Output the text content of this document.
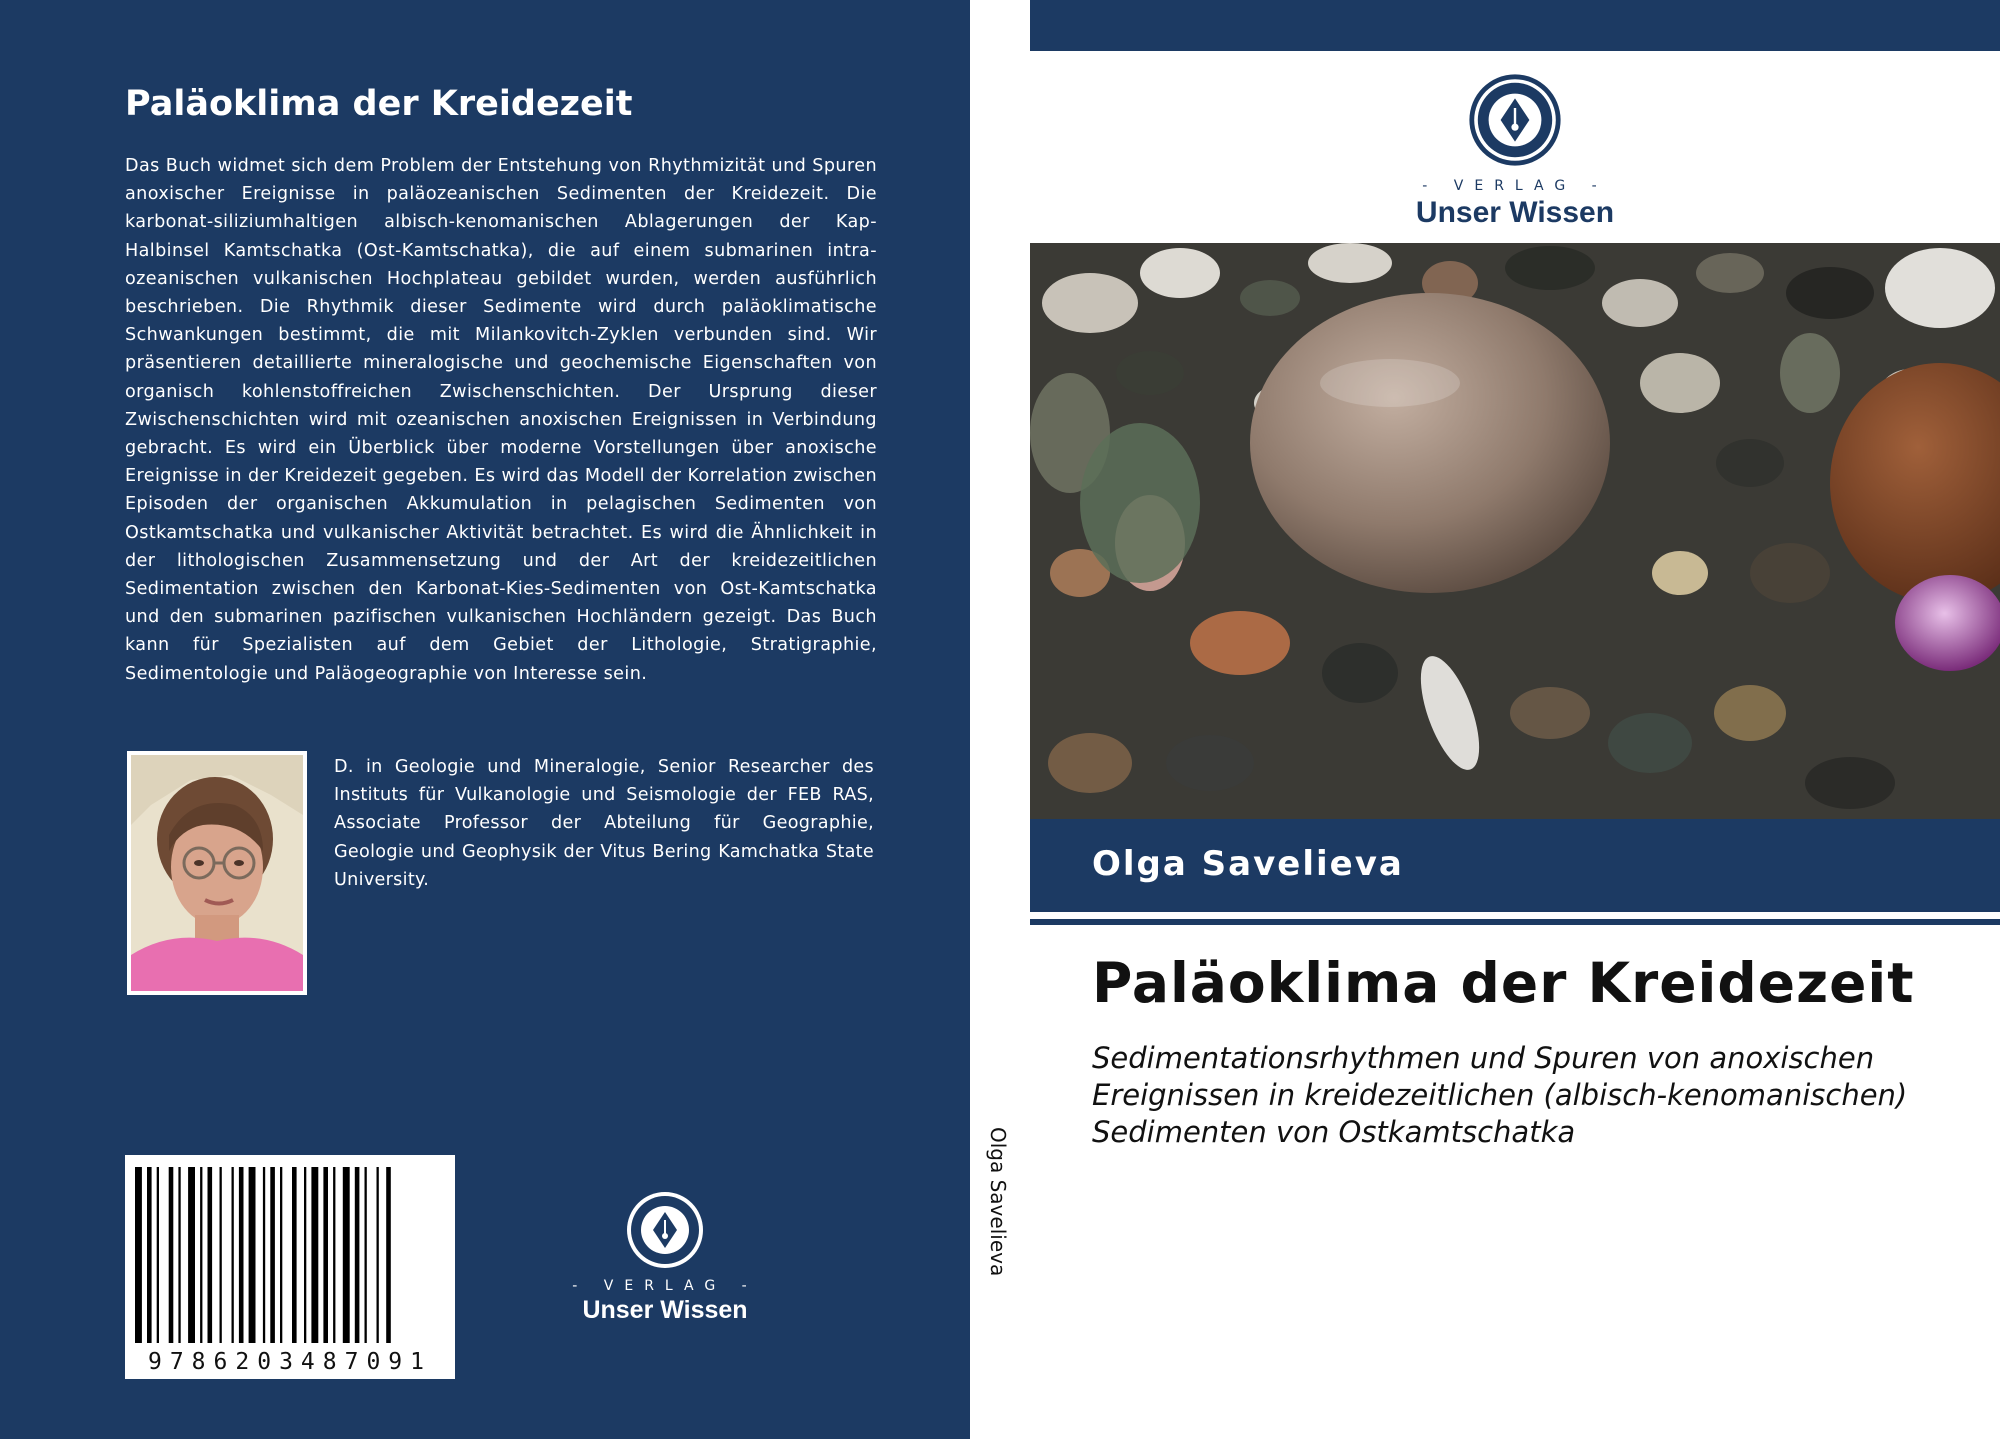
Paläoklima der Kreidezeit

Das Buch widmet sich dem Problem der Entstehung von Rhythmizität und Spuren anoxischer Ereignisse in paläozeanischen Sedimenten der Kreidezeit. Die karbonat-siliziumhaltigen albisch-kenomanischen Ablagerungen der Kap-Halbinsel Kamtschatka (Ost-Kamtschatka), die auf einem submarinen intra-ozeanischen vulkanischen Hochplateau gebildet wurden, werden ausführlich beschrieben. Die Rhythmik dieser Sedimente wird durch paläoklimatische Schwankungen bestimmt, die mit Milankovitch-Zyklen verbunden sind. Wir präsentieren detaillierte mineralogische und geochemische Eigenschaften von organisch kohlenstoffreichen Zwischenschichten. Der Ursprung dieser Zwischenschichten wird mit ozeanischen anoxischen Ereignissen in Verbindung gebracht. Es wird ein Überblick über moderne Vorstellungen über anoxische Ereignisse in der Kreidezeit gegeben. Es wird das Modell der Korrelation zwischen Episoden der organischen Akkumulation in pelagischen Sedimenten von Ostkamtschatka und vulkanischer Aktivität betrachtet. Es wird die Ähnlichkeit in der lithologischen Zusammensetzung und der Art der kreidezeitlichen Sedimentation zwischen den Karbonat-Kies-Sedimenten von Ost-Kamtschatka und den submarinen pazifischen vulkanischen Hochländern gezeigt. Das Buch kann für Spezialisten auf dem Gebiet der Lithologie, Stratigraphie, Sedimentologie und Paläogeographie von Interesse sein.

D. in Geologie und Mineralogie, Senior Researcher des Instituts für Vulkanologie und Seismologie der FEB RAS, Associate Professor der Abteilung für Geographie, Geologie und Geophysik der Vitus Bering Kamchatka State University.

9786203487091
- VERLAG -
Unser Wissen
Olga Savelieva
- VERLAG -
Unser Wissen
Olga Savelieva
Paläoklima der Kreidezeit

Sedimentationsrhythmen und Spuren von anoxischen Ereignissen in kreidezeitlichen (albisch-kenomanischen) Sedimenten von Ostkamtschatka
